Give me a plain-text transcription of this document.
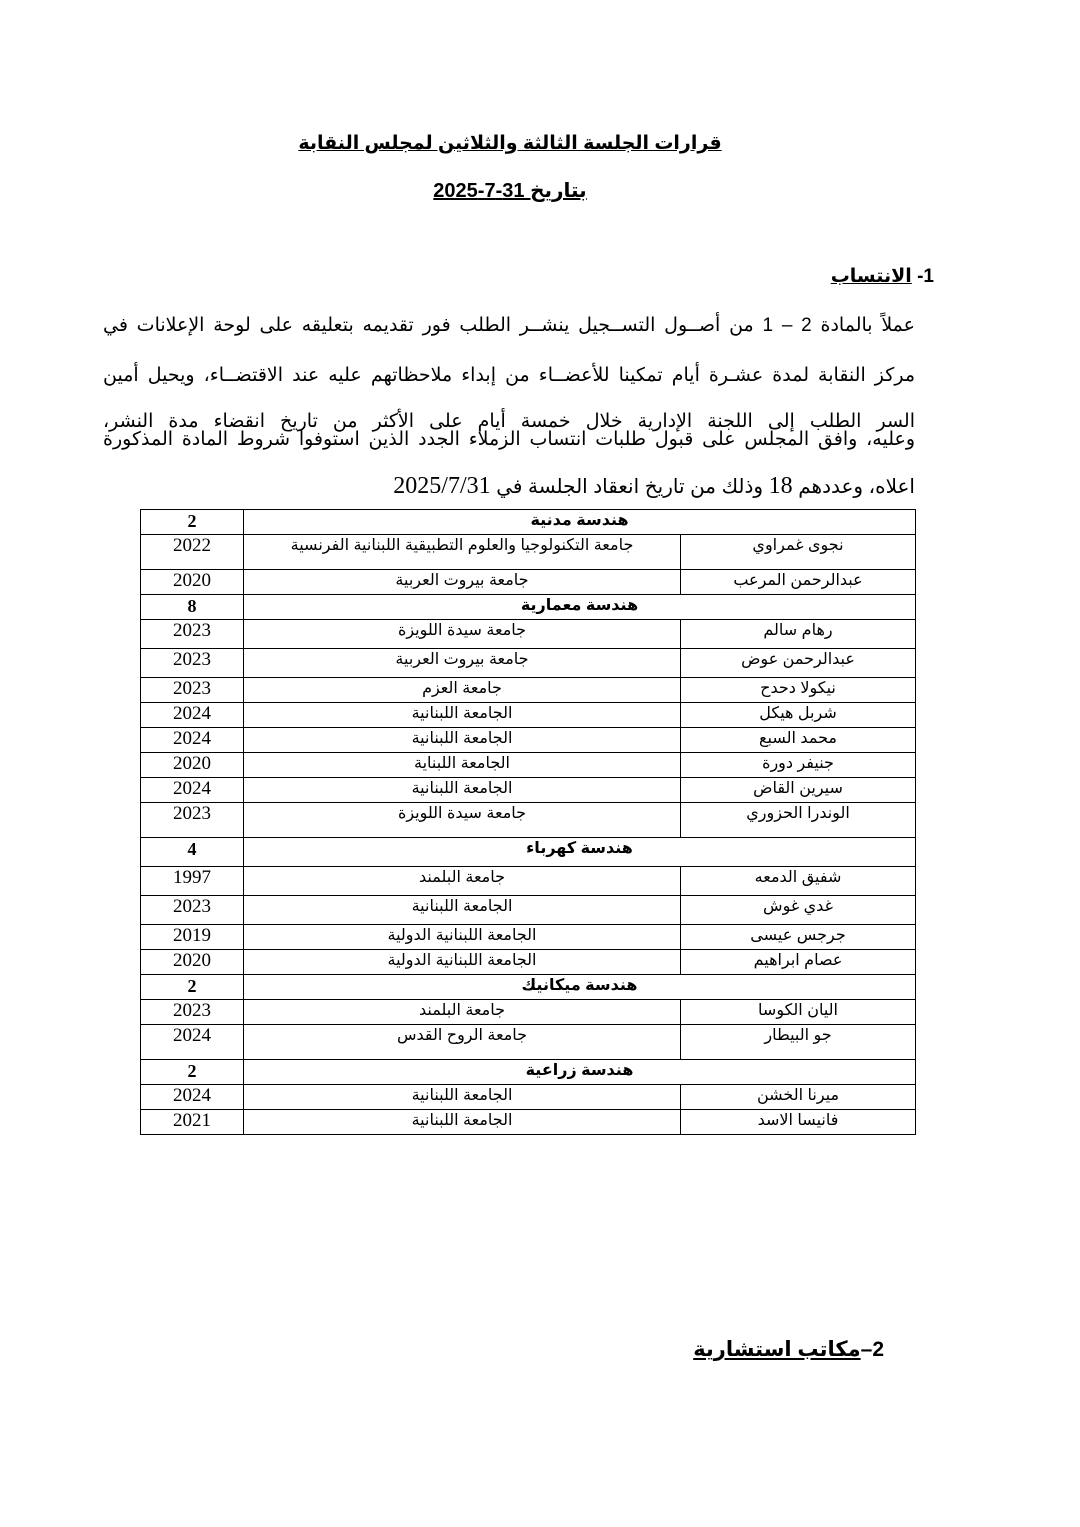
قرارات الجلسة الثالثة والثلاثين لمجلس النقابة
بتاريخ 31-7-2025
1- الانتساب
عملاً بالمادة 2 – 1 من أصــول التســجيل ينشــر الطلب فور تقديمه بتعليقه على لوحة الإعلانات في
مركز النقابة لمدة عشـرة أيام تمكينا للأعضــاء من إبداء ملاحظاتهم عليه عند الاقتضــاء، ويحيل أمين
السر الطلب إلى اللجنة الإدارية خلال خمسة أيام على الأكثر من تاريخ انقضاء مدة النشر،
وعليه، وافق المجلس على قبول طلبات انتساب الزملاء الجدد الذين استوفوا شروط المادة المذكورة
اعلاه، وعددهم 18 وذلك من تاريخ انعقاد الجلسة في 2025/7/31
2	هندسة مدنية	
2022	جامعة التكنولوجيا والعلوم التطبيقية اللبنانية الفرنسية	نجوى غمراوي
2020	جامعة بيروت العربية	عبدالرحمن المرعب
8	هندسة معمارية	
2023	جامعة سيدة اللويزة	رهام سالم
2023	جامعة بيروت العربية	عبدالرحمن عوض
2023	جامعة العزم	نيكولا دحدح
2024	الجامعة اللبنانية	شربل هيكل
2024	الجامعة اللبنانية	محمد السبع
2020	الجامعة اللبناية	جنيفر دورة
2024	الجامعة اللبنانية	سيرين القاض
2023	جامعة سيدة اللويزة	الوندرا الحزوري
4	هندسة كهرباء	
1997	جامعة البلمند	شفيق الدمعه
2023	الجامعة اللبنانية	غدي غوش
2019	الجامعة اللبنانية الدولية	جرجس عيسى
2020	الجامعة اللبنانية الدولية	عصام ابراهيم
2	هندسة ميكانيك	
2023	جامعة البلمند	اليان الكوسا
2024	جامعة الروح القدس	جو البيطار
2	هندسة زراعية	
2024	الجامعة اللبنانية	ميرنا الخشن
2021	الجامعة اللبنانية	فانيسا الاسد
2–مكاتب استشارية
